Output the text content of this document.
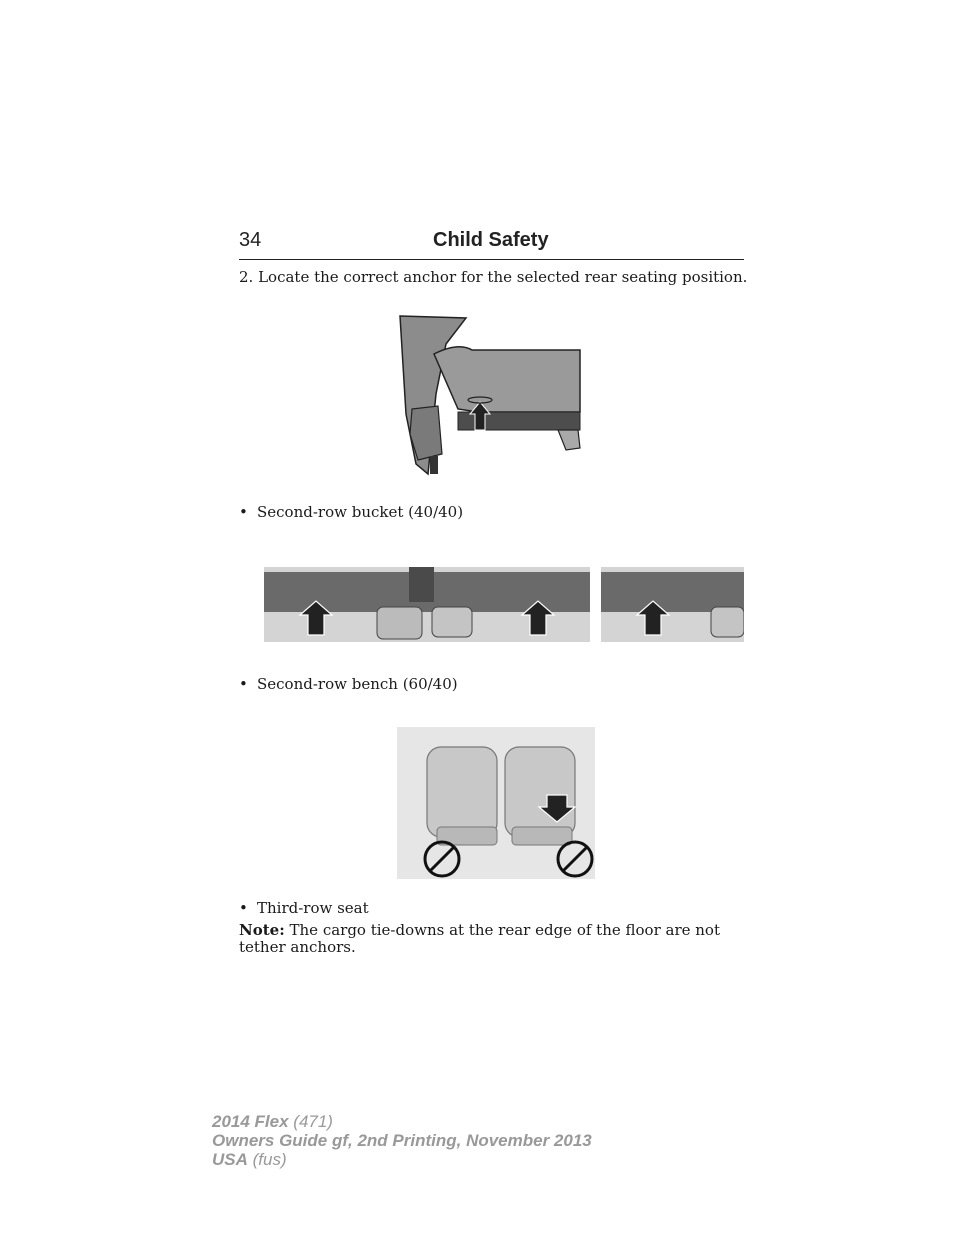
34	Child Safety
2. Locate the correct anchor for the selected rear seating position.
• Second-row bucket (40/40)
• Second-row bench (60/40)
• Third-row seat
Note: The cargo tie-downs at the rear edge of the floor are not tether anchors.
2014 Flex (471)
Owners Guide gf, 2nd Printing, November 2013
USA (fus)
